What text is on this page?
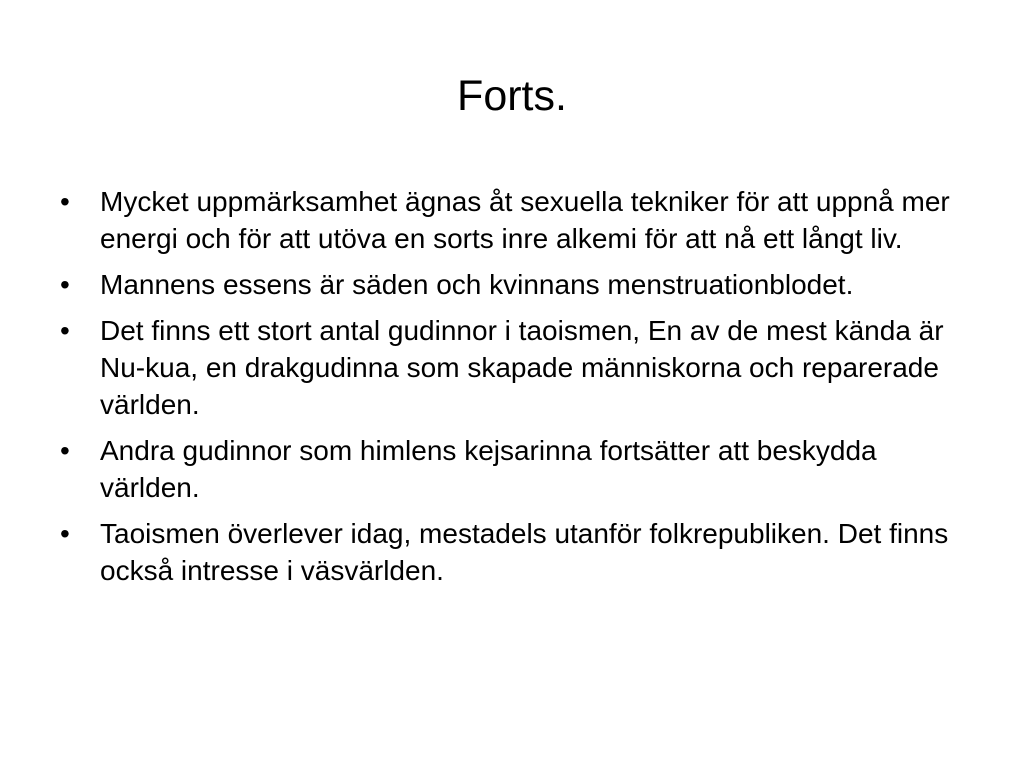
Forts.
•	Mycket uppmärksamhet ägnas åt sexuella tekniker för att uppnå mer energi och för att utöva en sorts inre alkemi för att nå ett långt liv.
•	Mannens essens är säden och kvinnans menstruationblodet.
•	Det finns ett stort antal gudinnor i taoismen, En av de mest kända är Nu-kua, en drakgudinna som skapade människorna och reparerade världen.
•	Andra gudinnor som himlens kejsarinna fortsätter att beskydda världen.
•	Taoismen överlever idag, mestadels utanför folkrepubliken. Det finns också intresse i väsvärlden.
